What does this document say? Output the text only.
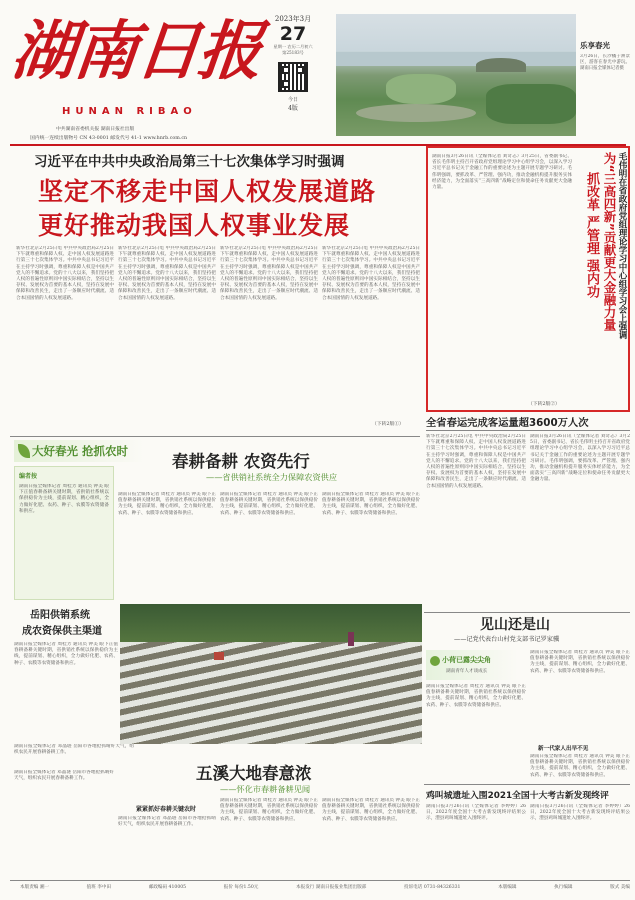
湖南日报
HUNAN RIBAO
中共湖南省委机关报 湖南日报社出版
国内统一连续出版物号 CN 43-0001 邮发代号 41-1 www.hnrb.com.cn
2023年3月
27
星期一 农历二月初六
第25183号
今日
4版
乐享春光
3月26日，长沙橘子洲景区，游客在春光中游玩。湖南日报全媒体记者摄
习近平在中共中央政治局第三十七次集体学习时强调
坚定不移走中国人权发展道路
更好推动我国人权事业发展
新华社北京2月25日电 中共中央政治局2月25日下午就尊重和保障人权、走中国人权发展道路进行第三十七次集体学习。中共中央总书记习近平在主持学习时强调，尊重和保障人权是中国共产党人的不懈追求。党的十八大以来，我们坚持把人权的普遍性原则同中国实际相结合，坚持以生存权、发展权为首要的基本人权，坚持在发展中保障和改善民生，走出了一条顺应时代潮流、适合本国国情的人权发展道路。
新华社北京2月25日电 中共中央政治局2月25日下午就尊重和保障人权、走中国人权发展道路进行第三十七次集体学习。中共中央总书记习近平在主持学习时强调，尊重和保障人权是中国共产党人的不懈追求。党的十八大以来，我们坚持把人权的普遍性原则同中国实际相结合，坚持以生存权、发展权为首要的基本人权，坚持在发展中保障和改善民生，走出了一条顺应时代潮流、适合本国国情的人权发展道路。
新华社北京2月25日电 中共中央政治局2月25日下午就尊重和保障人权、走中国人权发展道路进行第三十七次集体学习。中共中央总书记习近平在主持学习时强调，尊重和保障人权是中国共产党人的不懈追求。党的十八大以来，我们坚持把人权的普遍性原则同中国实际相结合，坚持以生存权、发展权为首要的基本人权，坚持在发展中保障和改善民生，走出了一条顺应时代潮流、适合本国国情的人权发展道路。
新华社北京2月25日电 中共中央政治局2月25日下午就尊重和保障人权、走中国人权发展道路进行第三十七次集体学习。中共中央总书记习近平在主持学习时强调，尊重和保障人权是中国共产党人的不懈追求。党的十八大以来，我们坚持把人权的普遍性原则同中国实际相结合，坚持以生存权、发展权为首要的基本人权，坚持在发展中保障和改善民生，走出了一条顺应时代潮流、适合本国国情的人权发展道路。
（下转2版①）
湖南日报3月26日讯（全媒体记者 刘奇志）3月25日，省委副书记、省长毛伟明主持召开省政府党组理论学习中心组学习会，以深入学习习近平总书记关于金融工作的重要论述为主题开展专题学习研讨。毛伟明强调，要抓改革、严管理、强内功，推动金融机构提升服务实体经济能力，为全面落实“三高四新”战略定位和使命任务贡献更大金融力量。	抓改革 严管理 强内功 为“三高四新”贡献更大金融力量 毛伟明在省政府党组理论学习中心组学习会上强调
（下转2版②）
全省春运完成客运量超3600万人次
新华社北京2月25日电 中共中央政治局2月25日下午就尊重和保障人权、走中国人权发展道路进行第三十七次集体学习。中共中央总书记习近平在主持学习时强调，尊重和保障人权是中国共产党人的不懈追求。党的十八大以来，我们坚持把人权的普遍性原则同中国实际相结合，坚持以生存权、发展权为首要的基本人权，坚持在发展中保障和改善民生，走出了一条顺应时代潮流、适合本国国情的人权发展道路。
湖南日报3月26日讯（全媒体记者 刘奇志）3月25日，省委副书记、省长毛伟明主持召开省政府党组理论学习中心组学习会，以深入学习习近平总书记关于金融工作的重要论述为主题开展专题学习研讨。毛伟明强调，要抓改革、严管理、强内功，推动金融机构提升服务实体经济能力，为全面落实“三高四新”战略定位和使命任务贡献更大金融力量。
大好春光 抢抓农时
编者按
湖南日报全媒体记者 周桂芳 通讯员 钟美 眼下正值春耕备耕关键时期，省供销社系统以保供稳价为主线，提前谋划、精心组织，全力做好化肥、农药、种子、农膜等农资储备和供应。
春耕备耕 农资先行
——省供销社系统全力保障农资供应
湖南日报全媒体记者 周桂芳 通讯员 钟美 眼下正值春耕备耕关键时期，省供销社系统以保供稳价为主线，提前谋划、精心组织，全力做好化肥、农药、种子、农膜等农资储备和供应。
湖南日报全媒体记者 周桂芳 通讯员 钟美 眼下正值春耕备耕关键时期，省供销社系统以保供稳价为主线，提前谋划、精心组织，全力做好化肥、农药、种子、农膜等农资储备和供应。
湖南日报全媒体记者 周桂芳 通讯员 钟美 眼下正值春耕备耕关键时期，省供销社系统以保供稳价为主线，提前谋划、精心组织，全力做好化肥、农药、种子、农膜等农资储备和供应。
岳阳供销系统
成农资保供主渠道
湖南日报全媒体记者 周桂芳 通讯员 钟美 眼下正值春耕备耕关键时期，省供销社系统以保供稳价为主线，提前谋划、精心组织，全力做好化肥、农药、种子、农膜等农资储备和供应。
湖南日报全媒体记者 邓晶琎 岳阳市各地抢抓晴好天气，组织农民开展春耕备耕工作。
五溪大地春意浓
——怀化市春耕备耕见闻
湖南日报全媒体记者 周桂芳 通讯员 钟美 眼下正值春耕备耕关键时期，省供销社系统以保供稳价为主线，提前谋划、精心组织，全力做好化肥、农药、种子、农膜等农资储备和供应。
湖南日报全媒体记者 周桂芳 通讯员 钟美 眼下正值春耕备耕关键时期，省供销社系统以保供稳价为主线，提前谋划、精心组织，全力做好化肥、农药、种子、农膜等农资储备和供应。
湖南日报全媒体记者 邓晶琎 岳阳市各地抢抓晴好天气，组织农民开展春耕备耕工作。
紧紧抓好春耕关键农时
湖南日报全媒体记者 邓晶琎 岳阳市各地抢抓晴好天气，组织农民开展春耕备耕工作。
见山还是山
——记党代表台山村党支部书记罗家骥
小荷已露尖尖角
湖南青年人才谈成长
湖南日报全媒体记者 周桂芳 通讯员 钟美 眼下正值春耕备耕关键时期，省供销社系统以保供稳价为主线，提前谋划、精心组织，全力做好化肥、农药、种子、农膜等农资储备和供应。
湖南日报全媒体记者 周桂芳 通讯员 钟美 眼下正值春耕备耕关键时期，省供销社系统以保供稳价为主线，提前谋划、精心组织，全力做好化肥、农药、种子、农膜等农资储备和供应。
新一代家人出早不见
湖南日报全媒体记者 周桂芳 通讯员 钟美 眼下正值春耕备耕关键时期，省供销社系统以保供稳价为主线，提前谋划、精心组织，全力做好化肥、农药、种子、农膜等农资储备和供应。
鸡叫城遗址入围2021全国十大考古新发现终评
湖南日报3月26日讯（全媒体记者 李婷婷）26日，2022年度全国十大考古新发现终评结果公示，澧县鸡叫城遗址入围终评。
湖南日报3月26日讯（全媒体记者 李婷婷）26日，2022年度全国十大考古新发现终评结果公示，澧县鸡叫城遗址入围终评。
本版责编 湘一	值班 李中田	邮政编码 410005	报价 每份1.50元	本报发行 湖南日报报业集团出版部	投诉电话 0731-84326331	本版编辑	执行编辑	版式 美编
